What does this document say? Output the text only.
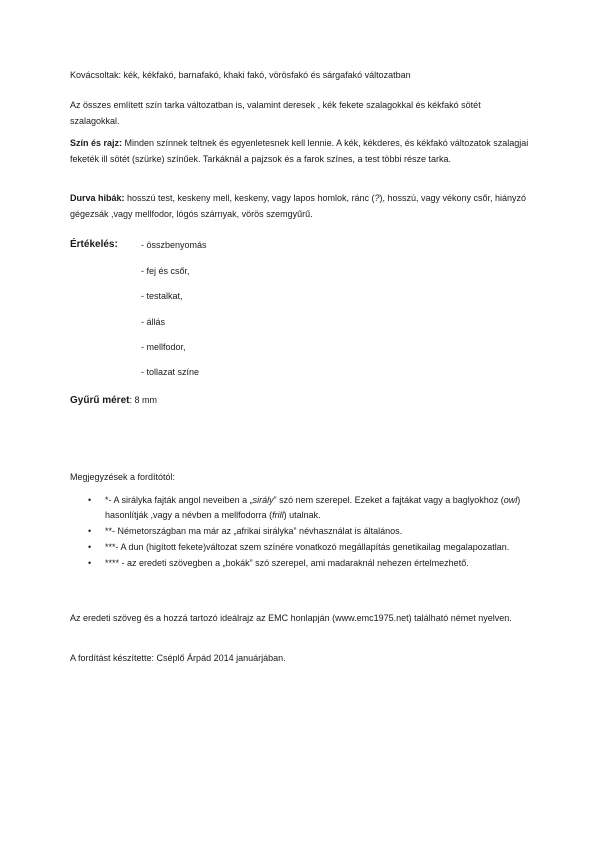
Kovácsoltak: kék, kékfakó, barnafakó, khaki fakó, vörösfakó és sárgafakó változatban
Az összes említett szín tarka változatban is, valamint deresek , kék fekete szalagokkal és kékfakó sötét szalagokkal.
Szín és rajz: Minden színnek teltnek és egyenletesnek kell lennie. A kék, kékderes, és kékfakó változatok szalagjai feketék ill sötét (szürke) színűek. Tarkáknál a pajzsok és a farok színes, a test többi része tarka.
Durva hibák: hosszú test, keskeny mell, keskeny, vagy lapos homlok, ránc (?), hosszú, vagy vékony csőr, hiányzó gégezsák ,vagy mellfodor, lógós szárnyak, vörös szemgyűrű.
Értékelés:	- összbenyomás
- fej és csőr,
- testalkat,
- állás
- mellfodor,
- tollazat színe
Gyűrű méret: 8 mm
Megjegyzések a fordítótól:
• *- A sirályka fajták angol neveiben a „sirály” szó nem szerepel. Ezeket a fajtákat vagy a baglyokhoz (owl) hasonlítják ,vagy a névben a mellfodorra (frill) utalnak.
• **- Németországban ma már az „afrikai sirályka” névhasználat is általános.
• ***- A dun (higított fekete)változat szem színére vonatkozó megállapítás genetikailag megalapozatlan.
• **** - az eredeti szövegben a „bokák” szó szerepel, ami madaraknál nehezen értelmezhető.
Az eredeti szöveg és a hozzá tartozó ideálrajz az EMC honlapján (www.emc1975.net) található német nyelven.
A fordítást készítette: Cséplő Árpád 2014 januárjában.
